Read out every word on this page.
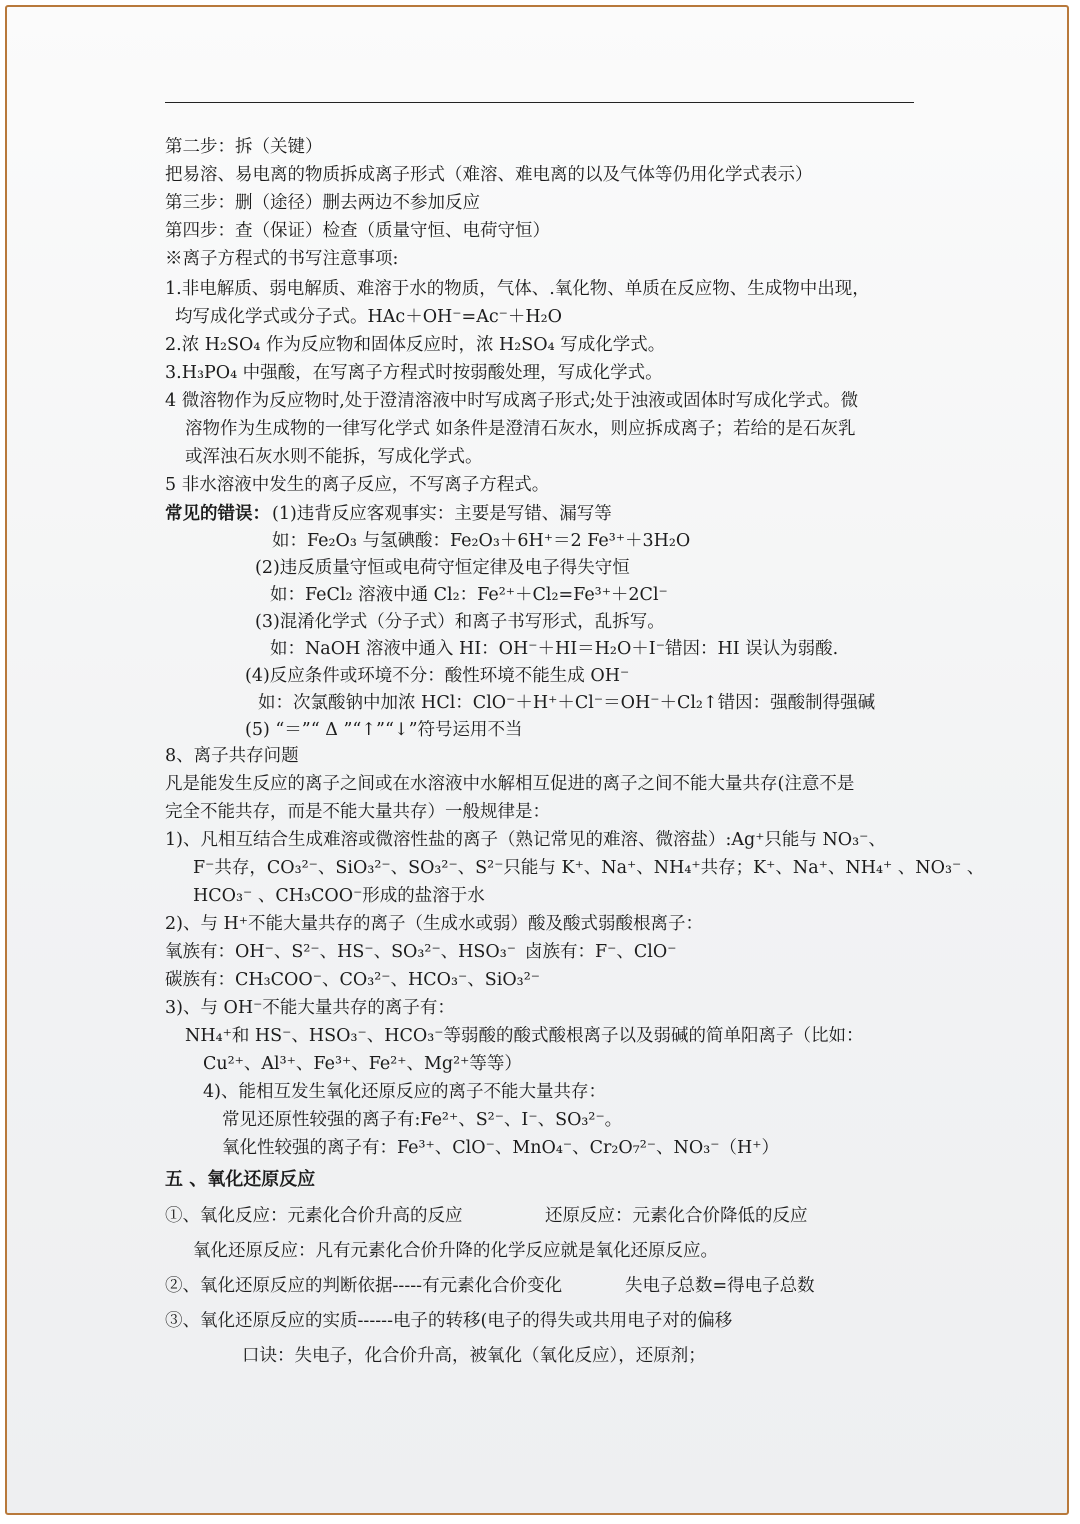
第二步：拆（关键）
把易溶、易电离的物质拆成离子形式（难溶、难电离的以及气体等仍用化学式表示）
第三步：删（途径）删去两边不参加反应
第四步：查（保证）检查（质量守恒、电荷守恒）
※离子方程式的书写注意事项:
1.非电解质、弱电解质、难溶于水的物质，气体、.氧化物、单质在反应物、生成物中出现，
均写成化学式或分子式。HAc＋OH⁻=Ac⁻＋H₂O
2.浓 H₂SO₄ 作为反应物和固体反应时，浓 H₂SO₄ 写成化学式。
3.H₃PO₄ 中强酸，在写离子方程式时按弱酸处理，写成化学式。
4 微溶物作为反应物时,处于澄清溶液中时写成离子形式;处于浊液或固体时写成化学式。微
溶物作为生成物的一律写化学式 如条件是澄清石灰水，则应拆成离子；若给的是石灰乳
或浑浊石灰水则不能拆，写成化学式。
5 非水溶液中发生的离子反应，不写离子方程式。
常见的错误： (1)违背反应客观事实：主要是写错、漏写等
如：Fe₂O₃ 与氢碘酸：Fe₂O₃＋6H⁺＝2 Fe³⁺＋3H₂O
(2)违反质量守恒或电荷守恒定律及电子得失守恒
如：FeCl₂ 溶液中通 Cl₂：Fe²⁺＋Cl₂=Fe³⁺＋2Cl⁻
(3)混淆化学式（分子式）和离子书写形式，乱拆写。
如：NaOH 溶液中通入 HI：OH⁻＋HI＝H₂O＋I⁻错因：HI 误认为弱酸.
(4)反应条件或环境不分：酸性环境不能生成 OH⁻
如：次氯酸钠中加浓 HCl：ClO⁻＋H⁺＋Cl⁻＝OH⁻＋Cl₂↑错因：强酸制得强碱
(5) “＝”“ Δ ”“↑”“↓”符号运用不当
8、离子共存问题
凡是能发生反应的离子之间或在水溶液中水解相互促进的离子之间不能大量共存(注意不是
完全不能共存，而是不能大量共存）一般规律是：
1)、凡相互结合生成难溶或微溶性盐的离子（熟记常见的难溶、微溶盐）:Ag⁺只能与 NO₃⁻、
F⁻共存，CO₃²⁻、SiO₃²⁻、SO₃²⁻、S²⁻只能与 K⁺、Na⁺、NH₄⁺共存；K⁺、Na⁺、NH₄⁺ 、NO₃⁻ 、
HCO₃⁻ 、CH₃COO⁻形成的盐溶于水
2)、与 H⁺不能大量共存的离子（生成水或弱）酸及酸式弱酸根离子：
氧族有：OH⁻、S²⁻、HS⁻、SO₃²⁻、HSO₃⁻ 卤族有：F⁻、ClO⁻
碳族有：CH₃COO⁻、CO₃²⁻、HCO₃⁻、SiO₃²⁻
3)、与 OH⁻不能大量共存的离子有：
NH₄⁺和 HS⁻、HSO₃⁻、HCO₃⁻等弱酸的酸式酸根离子以及弱碱的简单阳离子（比如：
Cu²⁺、Al³⁺、Fe³⁺、Fe²⁺、Mg²⁺等等）
4)、能相互发生氧化还原反应的离子不能大量共存：
常见还原性较强的离子有:Fe²⁺、S²⁻、I⁻、SO₃²⁻。
氧化性较强的离子有：Fe³⁺、ClO⁻、MnO₄⁻、Cr₂O₇²⁻、NO₃⁻（H⁺）
五 、氧化还原反应
①、氧化反应：元素化合价升高的反应	还原反应：元素化合价降低的反应
氧化还原反应：凡有元素化合价升降的化学反应就是氧化还原反应。
②、氧化还原反应的判断依据-----有元素化合价变化	失电子总数=得电子总数
③、氧化还原反应的实质------电子的转移(电子的得失或共用电子对的偏移
口诀：失电子，化合价升高，被氧化（氧化反应），还原剂；
